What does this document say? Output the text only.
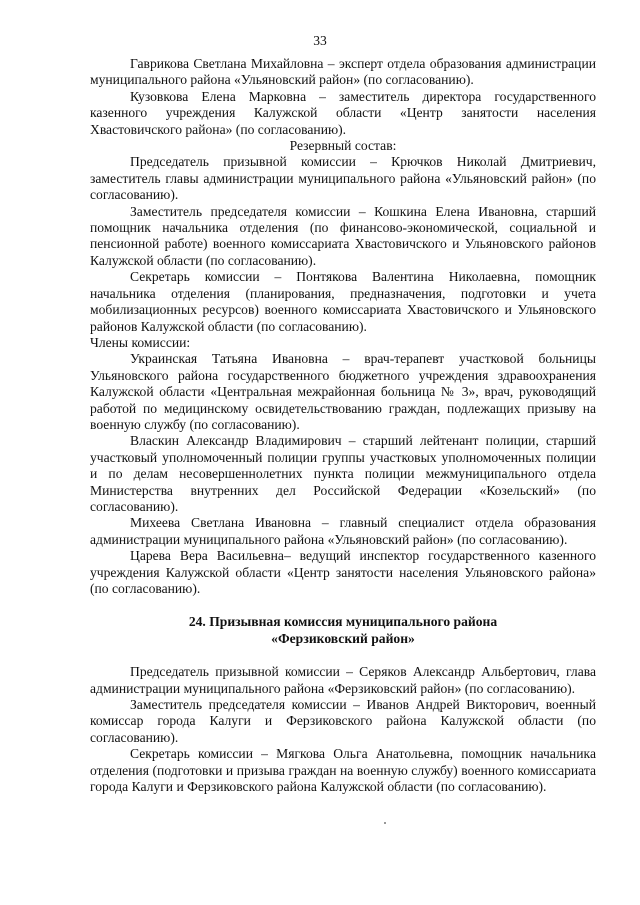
33

Гаврикова Светлана Михайловна – эксперт отдела образования администрации муниципального района «Ульяновский район» (по согласованию).

Кузовкова Елена Марковна – заместитель директора государственного казенного учреждения Калужской области «Центр занятости населения Хвастовичского района» (по согласованию).

Резервный состав:

Председатель призывной комиссии – Крючков Николай Дмитриевич, заместитель главы администрации муниципального района «Ульяновский район» (по согласованию).

Заместитель председателя комиссии – Кошкина Елена Ивановна, старший помощник начальника отделения (по финансово-экономической, социальной и пенсионной работе) военного комиссариата Хвастовичского и Ульяновского районов Калужской области (по согласованию).

Секретарь комиссии – Понтякова Валентина Николаевна, помощник начальника отделения (планирования, предназначения, подготовки и учета мобилизационных ресурсов) военного комиссариата Хвастовичского и Ульяновского районов Калужской области (по согласованию).

Члены комиссии:

Украинская Татьяна Ивановна – врач-терапевт участковой больницы Ульяновского района государственного бюджетного учреждения здравоохранения Калужской области «Центральная межрайонная больница № 3», врач, руководящий работой по медицинскому освидетельствованию граждан, подлежащих призыву на военную службу (по согласованию).

Власкин Александр Владимирович – старший лейтенант полиции, старший участковый уполномоченный полиции группы участковых уполномоченных полиции и по делам несовершеннолетних пункта полиции межмуниципального отдела Министерства внутренних дел Российской Федерации «Козельский» (по согласованию).

Михеева Светлана Ивановна – главный специалист отдела образования администрации муниципального района «Ульяновский район» (по согласованию).

Царева Вера Васильевна– ведущий инспектор государственного казенного учреждения Калужской области «Центр занятости населения Ульяновского района» (по согласованию).

24. Призывная комиссия муниципального района
«Ферзиковский район»

Председатель призывной комиссии – Серяков Александр Альбертович, глава администрации муниципального района «Ферзиковский район» (по согласованию).

Заместитель председателя комиссии – Иванов Андрей Викторович, военный комиссар города Калуги и Ферзиковского района Калужской области (по согласованию).

Секретарь комиссии – Мягкова Ольга Анатольевна, помощник начальника отделения (подготовки и призыва граждан на военную службу) военного комиссариата города Калуги и Ферзиковского района Калужской области (по согласованию).
